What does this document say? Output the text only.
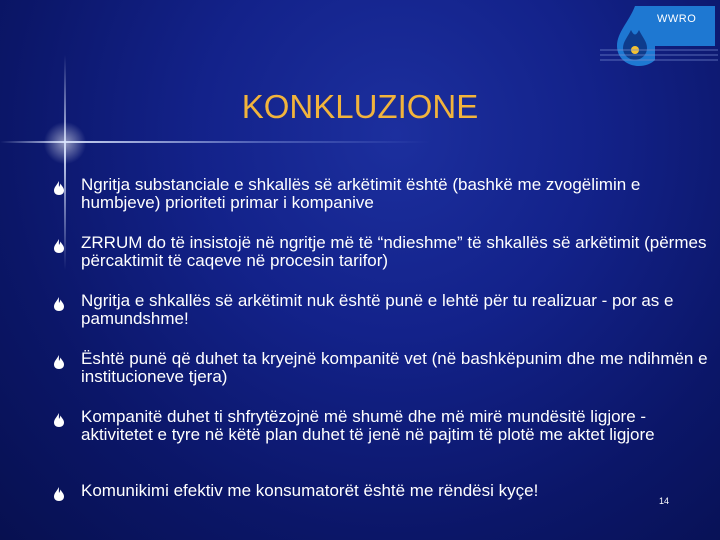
WWRO
KONKLUZIONE
Ngritja substanciale e shkallës së arkëtimit është (bashkë me zvogëlimin e humbjeve) prioriteti primar i kompanive
ZRRUM do të insistojë në ngritje më të “ndieshme” të shkallës së arkëtimit (përmes përcaktimit të caqeve në procesin tarifor)
Ngritja e shkallës së arkëtimit nuk është punë e lehtë për tu realizuar - por as e pamundshme!
Është punë që duhet ta kryejnë kompanitë vet (në bashkëpunim dhe me ndihmën e institucioneve tjera)
Kompanitë duhet ti shfrytëzojnë më shumë dhe më mirë mundësitë ligjore - aktivitetet e tyre në këtë plan duhet të jenë në pajtim të plotë me aktet ligjore
Komunikimi efektiv me konsumatorët është me rëndësi kyçe!
14
